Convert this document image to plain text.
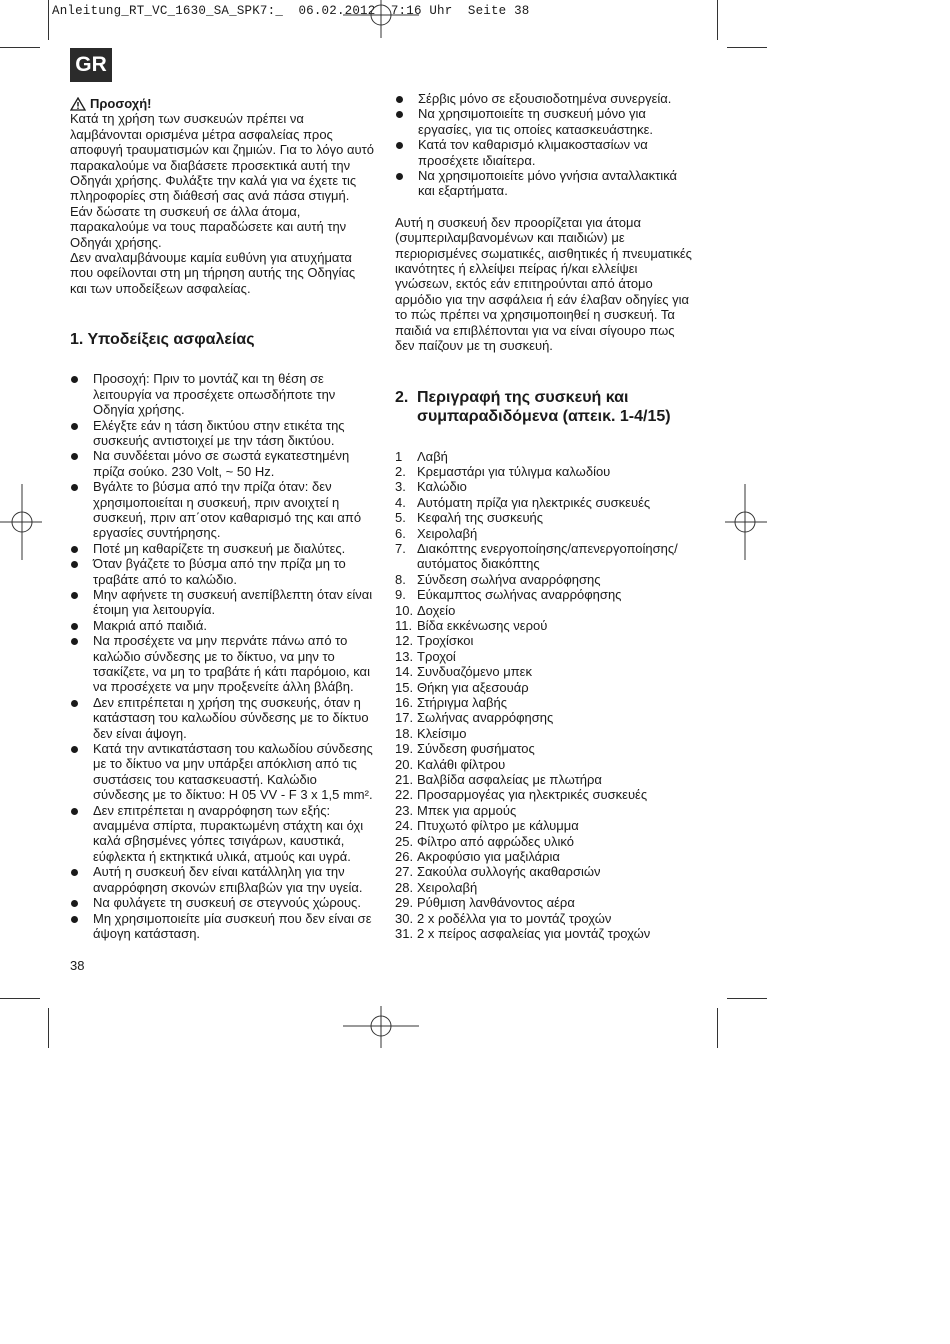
Anleitung_RT_VC_1630_SA_SPK7:_  06.02.2012  7:16 Uhr  Seite 38
GR
Προσοχή!

Κατά τη χρήση των συσκευών πρέπει να λαμβάνονται ορισμένα μέτρα ασφαλείας προς αποφυγή τραυματισμών και ζημιών. Για το λόγο αυτό παρακαλούμε να διαβάσετε προσεκτικά αυτή την Οδηγάι χρήσης. Φυλάξτε την καλά για να έχετε τις πληροφορίες στη διάθεσή σας ανά πάσα στιγμή. Εάν δώσατε τη συσκευή σε άλλα άτομα, παρακαλούμε να τους παραδώσετε και αυτή την Οδηγάι χρήσης.

Δεν αναλαμβάνουμε καμία ευθύνη για ατυχήματα που οφείλονται στη μη τήρηση αυτής της Οδηγίας και των υποδείξεων ασφαλείας.

1. Υποδείξεις ασφαλείας
Προσοχή: Πριν το μοντάζ και τη θέση σε λειτουργία να προσέχετε οπωσδήποτε την Οδηγία χρήσης.
Ελέγξτε εάν η τάση δικτύου στην ετικέτα της συσκευής αντιστοιχεί με την τάση δικτύου.
Να συνδέεται μόνο σε σωστά εγκατεστημένη πρίζα σούκο. 230 Volt, ~ 50 Hz.
Βγάλτε το βύσμα από την πρίζα όταν: δεν χρησιμοποιείται η συσκευή, πριν ανοιχτεί η συσκευή, πριν απ΄οτον καθαρισμό της και από εργασίες συντήρησης.
Ποτέ μη καθαρίζετε τη συσκευή με διαλύτες.
Όταν βγάζετε το βύσμα από την πρίζα μη το τραβάτε από το καλώδιο.
Μην αφήνετε τη συσκευή ανεπίβλεπτη όταν είναι έτοιμη για λειτουργία.
Μακριά από παιδιά.
Να προσέχετε να μην περνάτε πάνω από το καλώδιο σύνδεσης με το δίκτυο, να μην το τσακίζετε, να μη το τραβάτε ή κάτι παρόμοιο, και να προσέχετε να μην προξενείτε άλλη βλάβη.
Δεν επιτρέπεται η χρήση της συσκευής, όταν η κατάσταση του καλωδίου σύνδεσης με το δίκτυο δεν είναι άψογη.
Κατά την αντικατάσταση του καλωδίου σύνδεσης με το δίκτυο να μην υπάρξει απόκλιση από τις συστάσεις του κατασκευαστή. Καλώδιο σύνδεσης με το δίκτυο: H 05 VV - F 3 x 1,5 mm².
Δεν επιτρέπεται η αναρρόφηση των εξής: αναμμένα σπίρτα, πυρακτωμένη στάχτη και όχι καλά σβησμένες γόπες τσιγάρων, καυστικά, εύφλεκτα ή εκτηκτικά υλικά, ατμούς και υγρά.
Αυτή η συσκευή δεν είναι κατάλληλη για την αναρρόφηση σκονών επιβλαβών για την υγεία.
Να φυλάγετε τη συσκευή σε στεγνούς χώρους.
Μη χρησιμοποιείτε μία συσκευή που δεν είναι σε άψογη κατάσταση.
Σέρβις μόνο σε εξουσιοδοτημένα συνεργεία.
Να χρησιμοποιείτε τη συσκευή μόνο για εργασίες, για τις οποίες κατασκευάστηκε.
Κατά τον καθαρισμό κλιμακοστασίων να προσέχετε ιδιαίτερα.
Να χρησιμοποιείτε μόνο γνήσια ανταλλακτικά και εξαρτήματα.

Αυτή η συσκευή δεν προορίζεται για άτομα (συμπεριλαμβανομένων και παιδιών) με περιορισμένες σωματικές, αισθητικές ή πνευματικές ικανότητες ή ελλείψει πείρας ή/και ελλείψει γνώσεων, εκτός εάν επιτηρούνται από άτομο αρμόδιο για την ασφάλεια ή εάν έλαβαν οδηγίες για το πώς πρέπει να χρησιμοποιηθεί η συσκευή. Τα παιδιά να επιβλέπονται για να είναι σίγουρο πως δεν παίζουν με τη συσκευή.

2. Περιγραφή της συσκευή και συμπαραδιδόμενα (απεικ. 1-4/15)
1	Λαβή
2. Κρεμαστάρι για τύλιγμα καλωδίου
3. Καλώδιο
4. Αυτόματη πρίζα για ηλεκτρικές συσκευές
5. Κεφαλή της συσκευής
6. Χειρολαβή
7. Διακόπτης ενεργοποίησης/απενεργοποίησης/αυτόματος διακόπτης
8. Σύνδεση σωλήνα αναρρόφησης
9. Εύκαμπτος σωλήνας αναρρόφησης
10. Δοχείο
11. Βίδα εκκένωσης νερού
12. Τροχίσκοι
13. Τροχοί
14. Συνδυαζόμενο μπεκ
15. Θήκη για αξεσουάρ
16. Στήριγμα λαβής
17. Σωλήνας αναρρόφησης
18. Κλείσιμο
19. Σύνδεση φυσήματος
20. Καλάθι φίλτρου
21. Βαλβίδα ασφαλείας με πλωτήρα
22. Προσαρμογέας για ηλεκτρικές συσκευές
23. Μπεκ για αρμούς
24. Πτυχωτό φίλτρο με κάλυμμα
25. Φίλτρο από αφρώδες υλικό
26. Ακροφύσιο για μαξιλάρια
27. Σακούλα συλλογής ακαθαρσιών
28. Χειρολαβή
29. Ρύθμιση λανθάνοντος αέρα
30. 2 x ροδέλλα για το μοντάζ τροχών
31. 2 x πείρος ασφαλείας για μοντάζ τροχών
38
